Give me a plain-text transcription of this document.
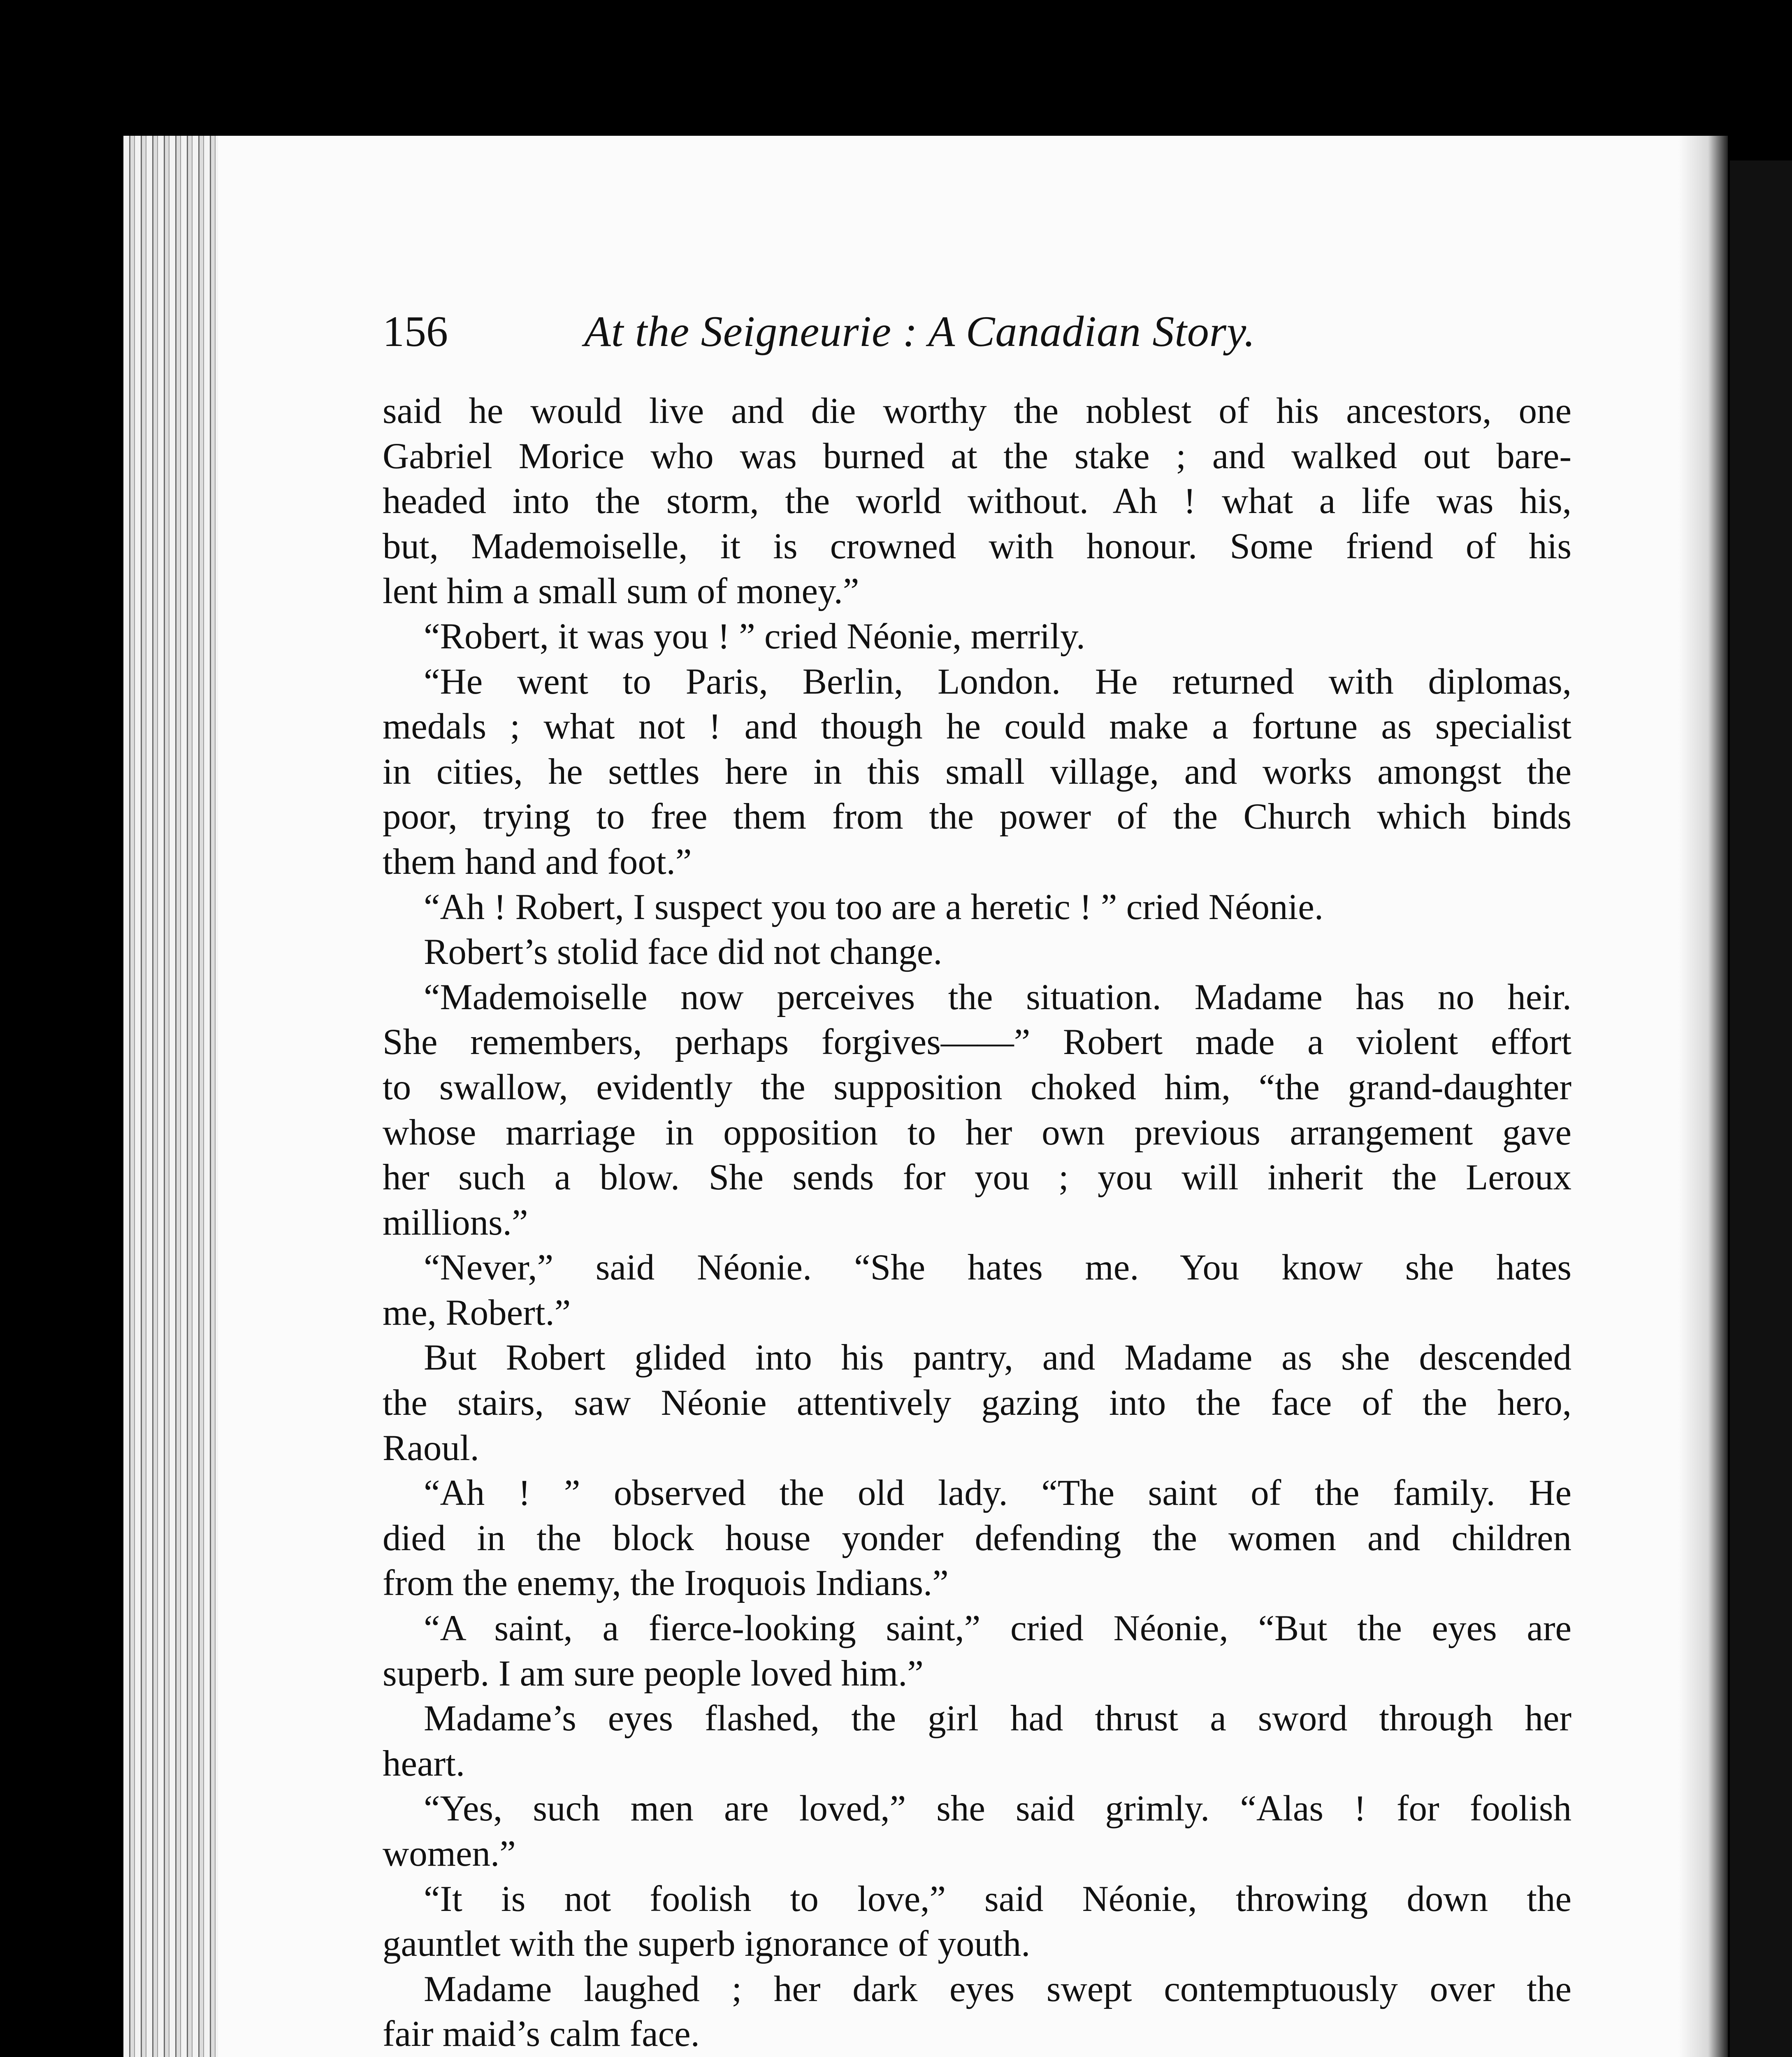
156	At the Seigneurie : A Canadian Story.
said he would live and die worthy the noblest of his ancestors, one
Gabriel Morice who was burned at the stake ; and walked out bare-
headed into the storm, the world without. Ah ! what a life was his,
but, Mademoiselle, it is crowned with honour. Some friend of his
lent him a small sum of money.”
“Robert, it was you ! ” cried Néonie, merrily.
“He went to Paris, Berlin, London. He returned with diplomas,
medals ; what not ! and though he could make a fortune as specialist
in cities, he settles here in this small village, and works amongst the
poor, trying to free them from the power of the Church which binds
them hand and foot.”
“Ah ! Robert, I suspect you too are a heretic ! ” cried Néonie.
Robert’s stolid face did not change.
“Mademoiselle now perceives the situation. Madame has no heir.
She remembers, perhaps forgives——” Robert made a violent effort
to swallow, evidently the supposition choked him, “the grand-daughter
whose marriage in opposition to her own previous arrangement gave
her such a blow. She sends for you ; you will inherit the Leroux
millions.”
“Never,” said Néonie. “She hates me. You know she hates
me, Robert.”
But Robert glided into his pantry, and Madame as she descended
the stairs, saw Néonie attentively gazing into the face of the hero,
Raoul.
“Ah ! ” observed the old lady. “The saint of the family. He
died in the block house yonder defending the women and children
from the enemy, the Iroquois Indians.”
“A saint, a fierce-looking saint,” cried Néonie, “But the eyes are
superb. I am sure people loved him.”
Madame’s eyes flashed, the girl had thrust a sword through her
heart.
“Yes, such men are loved,” she said grimly. “Alas ! for foolish
women.”
“It is not foolish to love,” said Néonie, throwing down the
gauntlet with the superb ignorance of youth.
Madame laughed ; her dark eyes swept contemptuously over the
fair maid’s calm face.
